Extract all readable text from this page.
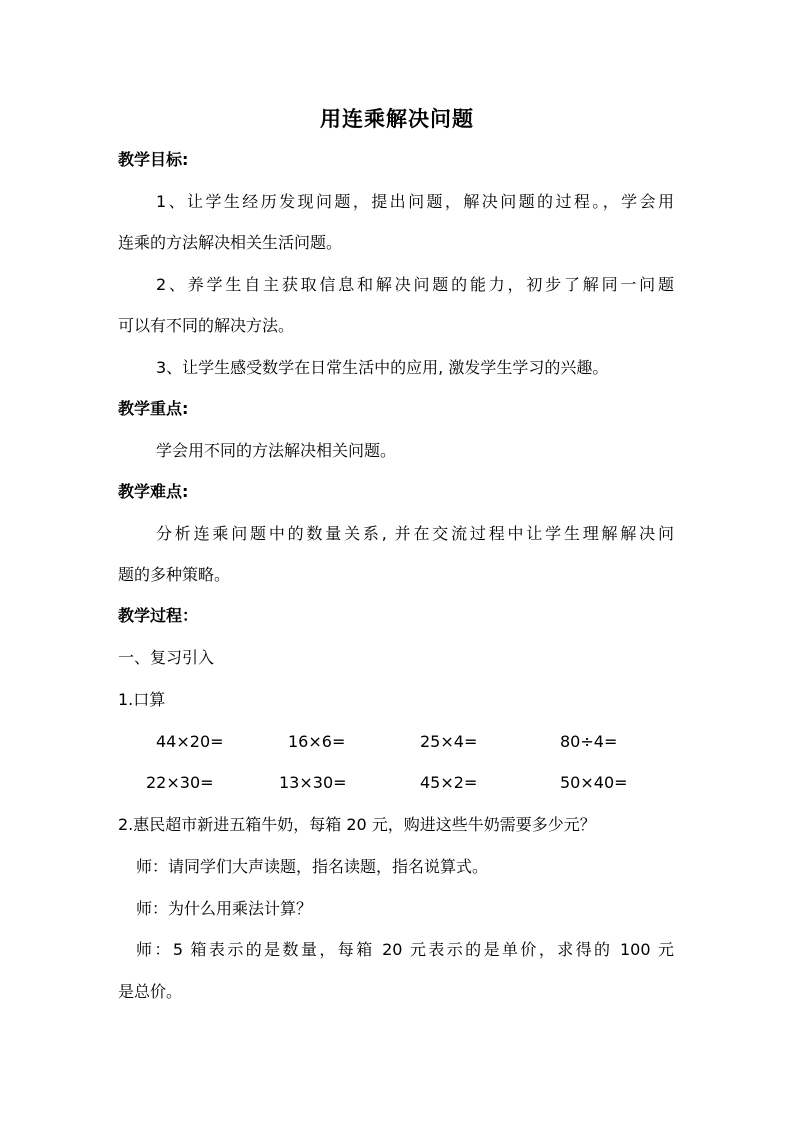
用连乘解决问题
教学目标:
1、让学生经历发现问题，提出问题，解决问题的过程。，学会用
连乘的方法解决相关生活问题。
2、养学生自主获取信息和解决问题的能力，初步了解同一问题
可以有不同的解决方法。
3、让学生感受数学在日常生活中的应用, 激发学生学习的兴趣。
教学重点:
学会用不同的方法解决相关问题。
教学难点:
分析连乘问题中的数量关系, 并在交流过程中让学生理解解决问
题的多种策略。
教学过程：
一、复习引入
1.口算
44×20=	16×6=	25×4=	80÷4=
22×30=	13×30=	45×2=	50×40=
2.惠民超市新进五箱牛奶，每箱 20 元，购进这些牛奶需要多少元？
师：请同学们大声读题，指名读题，指名说算式。
师：为什么用乘法计算？
师：5 箱表示的是数量，每箱 20 元表示的是单价，求得的 100 元
是总价。
